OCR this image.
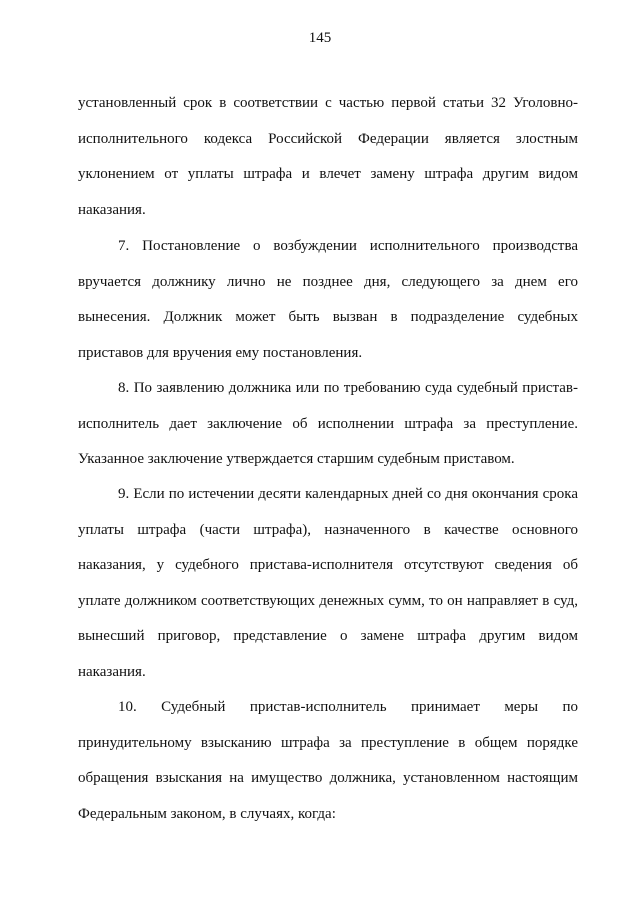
145

установленный срок в соответствии с частью первой статьи 32 Уголовно-
исполнительного кодекса Российской Федерации является злостным
уклонением от уплаты штрафа и влечет замену штрафа другим видом
наказания.

7. Постановление о возбуждении исполнительного производства
вручается должнику лично не позднее дня, следующего за днем его
вынесения. Должник может быть вызван в подразделение судебных
приставов для вручения ему постановления.

8. По заявлению должника или по требованию суда судебный пристав-
исполнитель дает заключение об исполнении штрафа за преступление.
Указанное заключение утверждается старшим судебным приставом.

9. Если по истечении десяти календарных дней со дня окончания срока
уплаты штрафа (части штрафа), назначенного в качестве основного
наказания, у судебного пристава-исполнителя отсутствуют сведения об
уплате должником соответствующих денежных сумм, то он направляет в суд,
вынесший приговор, представление о замене штрафа другим видом
наказания.

10. Судебный пристав-исполнитель принимает меры по
принудительному взысканию штрафа за преступление в общем порядке
обращения взыскания на имущество должника, установленном настоящим
Федеральным законом, в случаях, когда:
